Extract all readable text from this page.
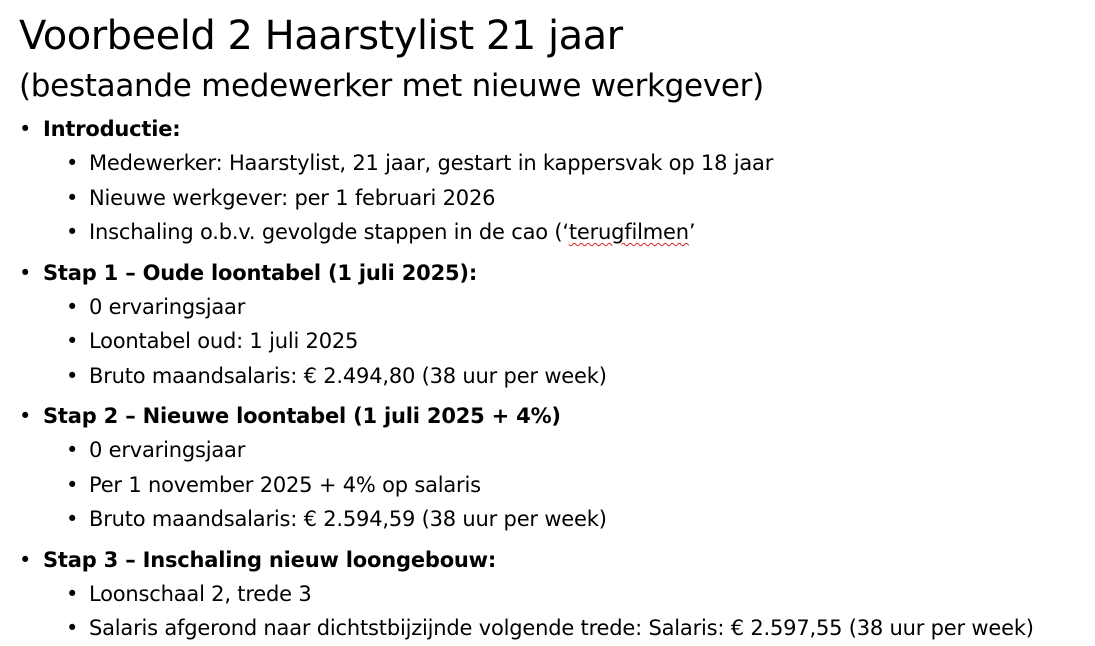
Voorbeeld 2 Haarstylist 21 jaar
(bestaande medewerker met nieuwe werkgever)
• Introductie:
• Medewerker: Haarstylist, 21 jaar, gestart in kappersvak op 18 jaar
• Nieuwe werkgever: per 1 februari 2026
• Inschaling o.b.v. gevolgde stappen in de cao (‘terugfilmen’
• Stap 1 – Oude loontabel (1 juli 2025):
• 0 ervaringsjaar
• Loontabel oud: 1 juli 2025
• Bruto maandsalaris: € 2.494,80 (38 uur per week)
• Stap 2 – Nieuwe loontabel (1 juli 2025 + 4%)
• 0 ervaringsjaar
• Per 1 november 2025 + 4% op salaris
• Bruto maandsalaris: € 2.594,59 (38 uur per week)
• Stap 3 – Inschaling nieuw loongebouw:
• Loonschaal 2, trede 3
• Salaris afgerond naar dichtstbijzijnde volgende trede: Salaris: € 2.597,55 (38 uur per week)
